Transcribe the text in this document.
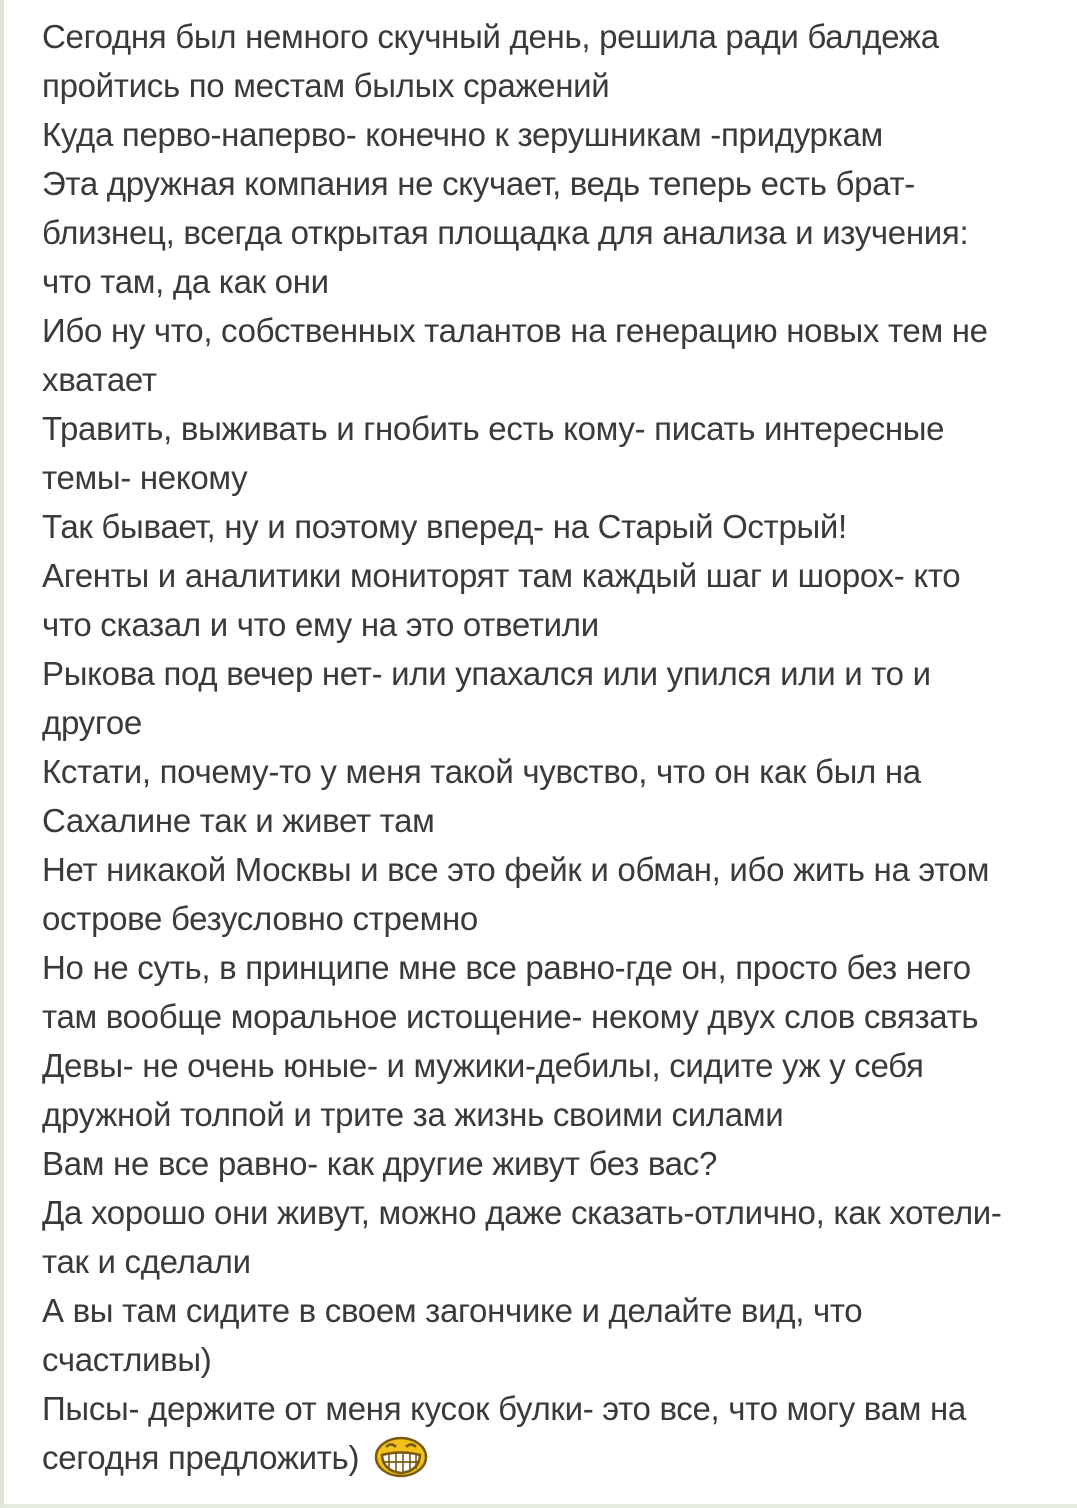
Сегодня был немного скучный день, решила ради балдежа
пройтись по местам былых сражений
Куда перво-наперво- конечно к зерушникам -придуркам
Эта дружная компания не скучает, ведь теперь есть брат-
близнец, всегда открытая площадка для анализа и изучения:
что там, да как они
Ибо ну что, собственных талантов на генерацию новых тем не
хватает
Травить, выживать и гнобить есть кому- писать интересные
темы- некому
Так бывает, ну и поэтому вперед- на Старый Острый!
Агенты и аналитики мониторят там каждый шаг и шорох- кто
что сказал и что ему на это ответили
Рыкова под вечер нет- или упахался или упился или и то и
другое
Кстати, почему-то у меня такой чувство, что он как был на
Сахалине так и живет там
Нет никакой Москвы и все это фейк и обман, ибо жить на этом
острове безусловно стремно
Но не суть, в принципе мне все равно-где он, просто без него
там вообще моральное истощение- некому двух слов связать
Девы- не очень юные- и мужики-дебилы, сидите уж у себя
дружной толпой и трите за жизнь своими силами
Вам не все равно- как другие живут без вас?
Да хорошо они живут, можно даже сказать-отлично, как хотели-
так и сделали
А вы там сидите в своем загончике и делайте вид, что
счастливы)
Пысы- держите от меня кусок булки- это все, что могу вам на
сегодня предложить)
